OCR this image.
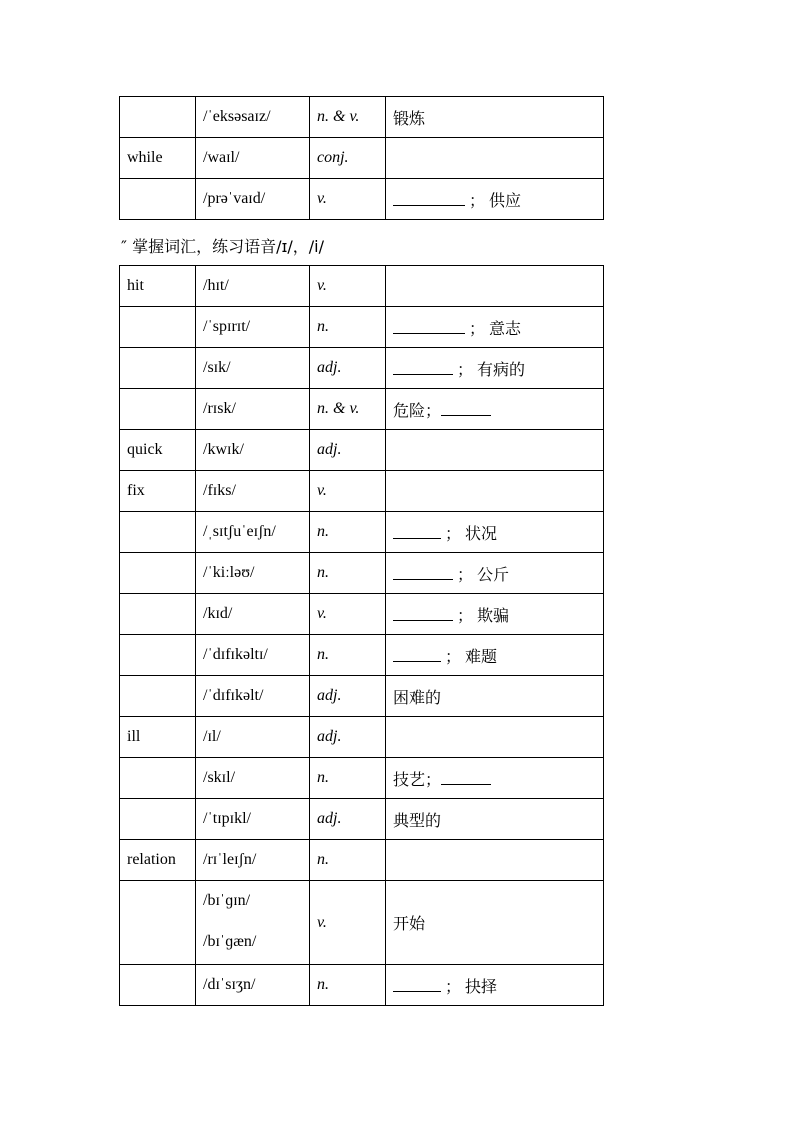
	/ˈeksəsaɪz/	n. & v.	锻炼
while	/waɪl/	conj.	
	/prəˈvaɪd/	v.	； 供应
″ 掌握词汇，练习语音/ɪ/，/i/
hit	/hɪt/	v.	
	/ˈspɪrɪt/	n.	； 意志
	/sɪk/	adj.	； 有病的
	/rɪsk/	n. & v.	危险；
quick	/kwɪk/	adj.	
fix	/fɪks/	v.	
	/ˌsɪtʃuˈeɪʃn/	n.	； 状况
	/ˈkiːləʊ/	n.	； 公斤
	/kɪd/	v.	； 欺骗
	/ˈdɪfɪkəltɪ/	n.	； 难题
	/ˈdɪfɪkəlt/	adj.	困难的
ill	/ɪl/	adj.	
	/skɪl/	n.	技艺；
	/ˈtɪpɪkl/	adj.	典型的
relation	/rɪˈleɪʃn/	n.	

	/bɪˈɡɪn/
/bɪˈɡæn/	v.	开始
	/dɪˈsɪʒn/	n.	； 抉择
